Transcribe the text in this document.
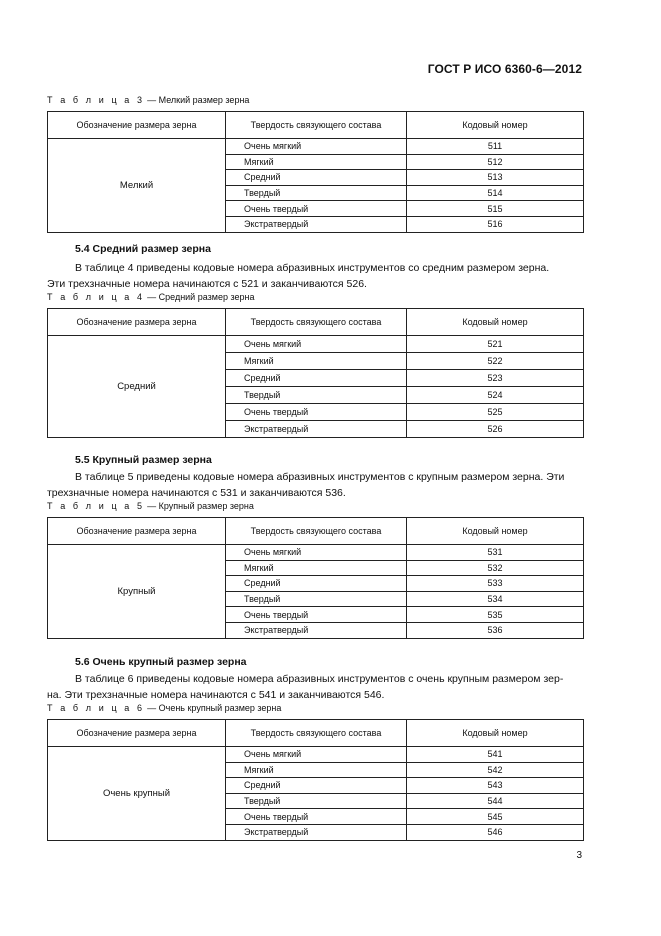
ГОСТ Р ИСО 6360-6—2012
Т а б л и ц а 3 — Мелкий размер зерна
Обозначение размера зерна	Твердость связующего состава	Кодовый номер
Мелкий	Очень мягкий	511
	Мягкий	512
	Средний	513
	Твердый	514
	Очень твердый	515
	Экстратвердый	516
5.4 Средний размер зерна
В таблице 4 приведены кодовые номера абразивных инструментов со средним размером зерна.
Эти трехзначные номера начинаются с 521 и заканчиваются 526.
Т а б л и ц а 4 — Средний размер зерна
Обозначение размера зерна	Твердость связующего состава	Кодовый номер
Средний	Очень мягкий	521
	Мягкий	522
	Средний	523
	Твердый	524
	Очень твердый	525
	Экстратвердый	526
5.5 Крупный размер зерна
В таблице 5 приведены кодовые номера абразивных инструментов с крупным размером зерна. Эти
трехзначные номера начинаются с 531 и заканчиваются 536.
Т а б л и ц а 5 — Крупный размер зерна
Обозначение размера зерна	Твердость связующего состава	Кодовый номер
Крупный	Очень мягкий	531
	Мягкий	532
	Средний	533
	Твердый	534
	Очень твердый	535
	Экстратвердый	536
5.6 Очень крупный размер зерна
В таблице 6 приведены кодовые номера абразивных инструментов с очень крупным размером зер-
на. Эти трехзначные номера начинаются с 541 и заканчиваются 546.
Т а б л и ц а 6 — Очень крупный размер зерна
Обозначение размера зерна	Твердость связующего состава	Кодовый номер
Очень крупный	Очень мягкий	541
	Мягкий	542
	Средний	543
	Твердый	544
	Очень твердый	545
	Экстратвердый	546
3
